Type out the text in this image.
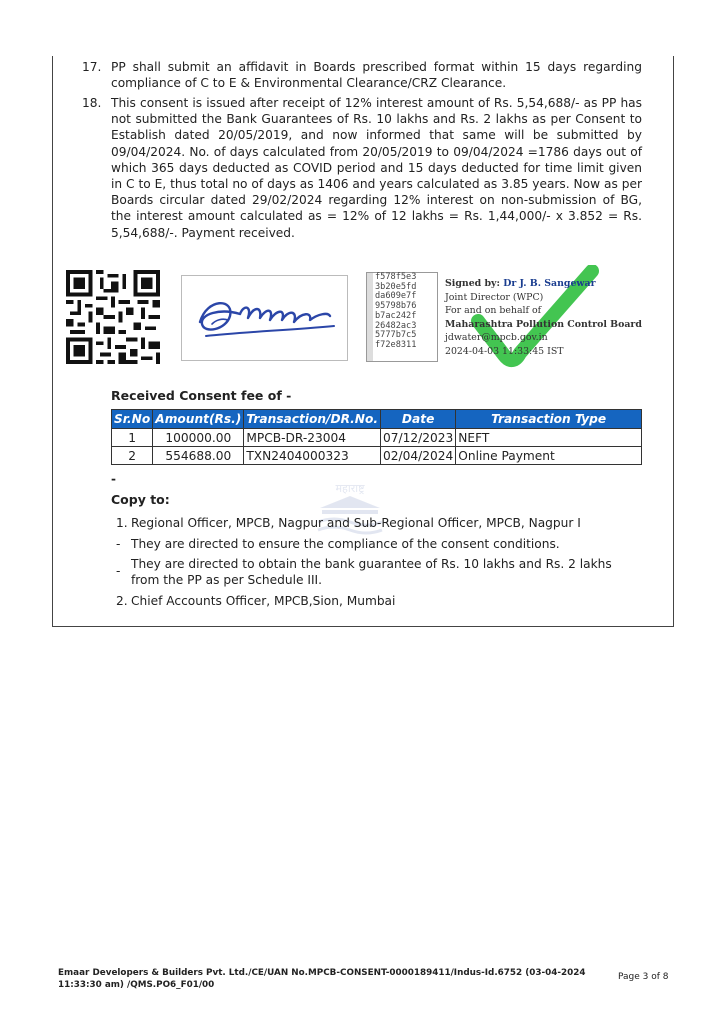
17. PP shall submit an affidavit in Boards prescribed format within 15 days regarding compliance of C to E & Environmental Clearance/CRZ Clearance.
18. This consent is issued after receipt of 12% interest amount of Rs. 5,54,688/- as PP has not submitted the Bank Guarantees of Rs. 10 lakhs and Rs. 2 lakhs as per Consent to Establish dated 20/05/2019, and now informed that same will be submitted by 09/04/2024. No. of days calculated from 20/05/2019 to 09/04/2024 =1786 days out of which 365 days deducted as COVID period and 15 days deducted for time limit given in C to E, thus total no of days as 1406 and years calculated as 3.85 years. Now as per Boards circular dated 29/02/2024 regarding 12% interest on non-submission of BG, the interest amount calculated as = 12% of 12 lakhs = Rs. 1,44,000/- x 3.852 = Rs. 5,54,688/-. Payment received.
f578f5e3
3b20e5fd
da609e7f
95798b76
b7ac242f
26482ac3
5777b7c5
f72e8311
Signed by: Dr J. B. Sangewar
Joint Director (WPC)
For and on behalf of
Maharashtra Pollution Control Board
jdwater@mpcb.gov.in
2024-04-03 11:33:45 IST
महाराष्ट्र
Received Consent fee of -
Sr.No	Amount(Rs.)	Transaction/DR.No.	Date	Transaction Type
1	100000.00	MPCB-DR-23004	07/12/2023	NEFT
2	554688.00	TXN2404000323	02/04/2024	Online Payment
-
Copy to:
1. Regional Officer, MPCB, Nagpur and Sub-Regional Officer, MPCB, Nagpur I
- They are directed to ensure the compliance of the consent conditions.
- They are directed to obtain the bank guarantee of Rs. 10 lakhs and Rs. 2 lakhs from the PP as per Schedule III.
2. Chief Accounts Officer, MPCB,Sion, Mumbai
Emaar Developers & Builders Pvt. Ltd./CE/UAN No.MPCB-CONSENT-0000189411/Indus-Id.6752 (03-04-2024
11:33:30 am) /QMS.PO6_F01/00
Page 3 of 8
